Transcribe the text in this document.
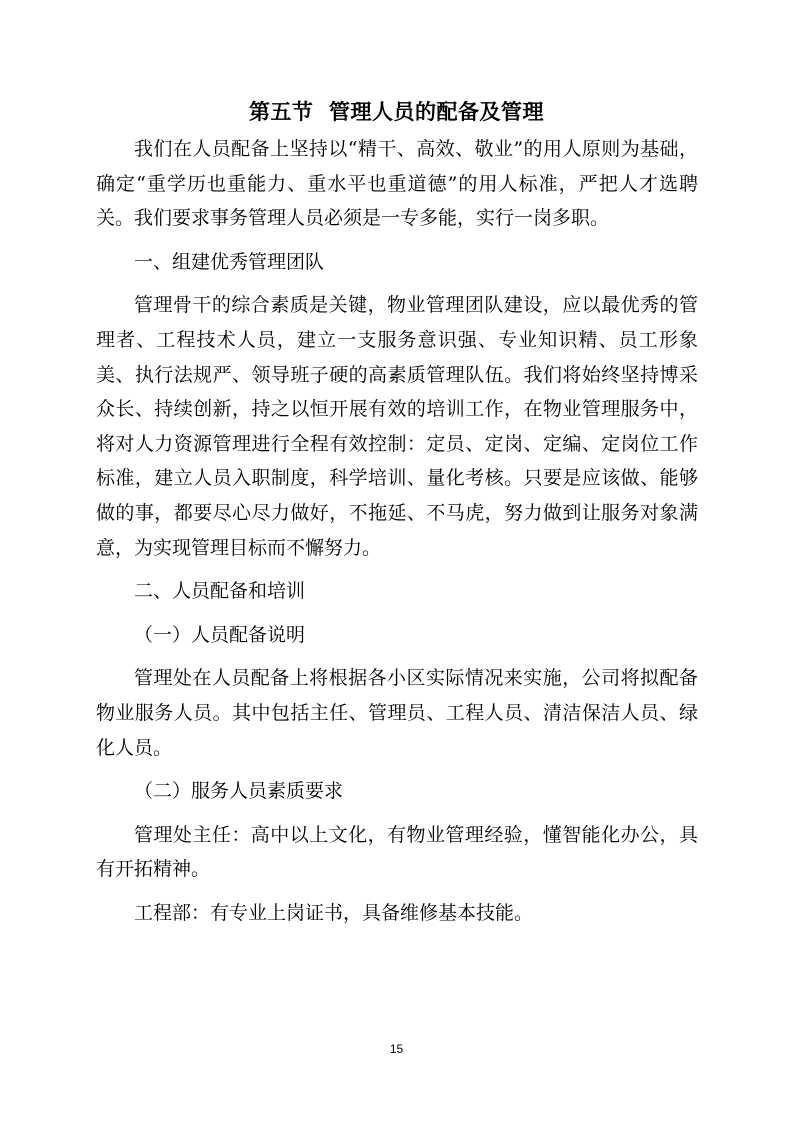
第五节  管理人员的配备及管理

我们在人员配备上坚持以“精干、高效、敬业”的用人原则为基础，确定“重学历也重能力、重水平也重道德”的用人标准，严把人才选聘关。我们要求事务管理人员必须是一专多能，实行一岗多职。

一、组建优秀管理团队

管理骨干的综合素质是关键，物业管理团队建设，应以最优秀的管理者、工程技术人员，建立一支服务意识强、专业知识精、员工形象美、执行法规严、领导班子硬的高素质管理队伍。我们将始终坚持博采众长、持续创新，持之以恒开展有效的培训工作，在物业管理服务中，将对人力资源管理进行全程有效控制：定员、定岗、定编、定岗位工作标准，建立人员入职制度，科学培训、量化考核。只要是应该做、能够做的事，都要尽心尽力做好，不拖延、不马虎，努力做到让服务对象满意，为实现管理目标而不懈努力。

二、人员配备和培训

（一）人员配备说明

管理处在人员配备上将根据各小区实际情况来实施，公司将拟配备物业服务人员。其中包括主任、管理员、工程人员、清洁保洁人员、绿化人员。

（二）服务人员素质要求

管理处主任：高中以上文化，有物业管理经验，懂智能化办公，具有开拓精神。

工程部：有专业上岗证书，具备维修基本技能。

15
